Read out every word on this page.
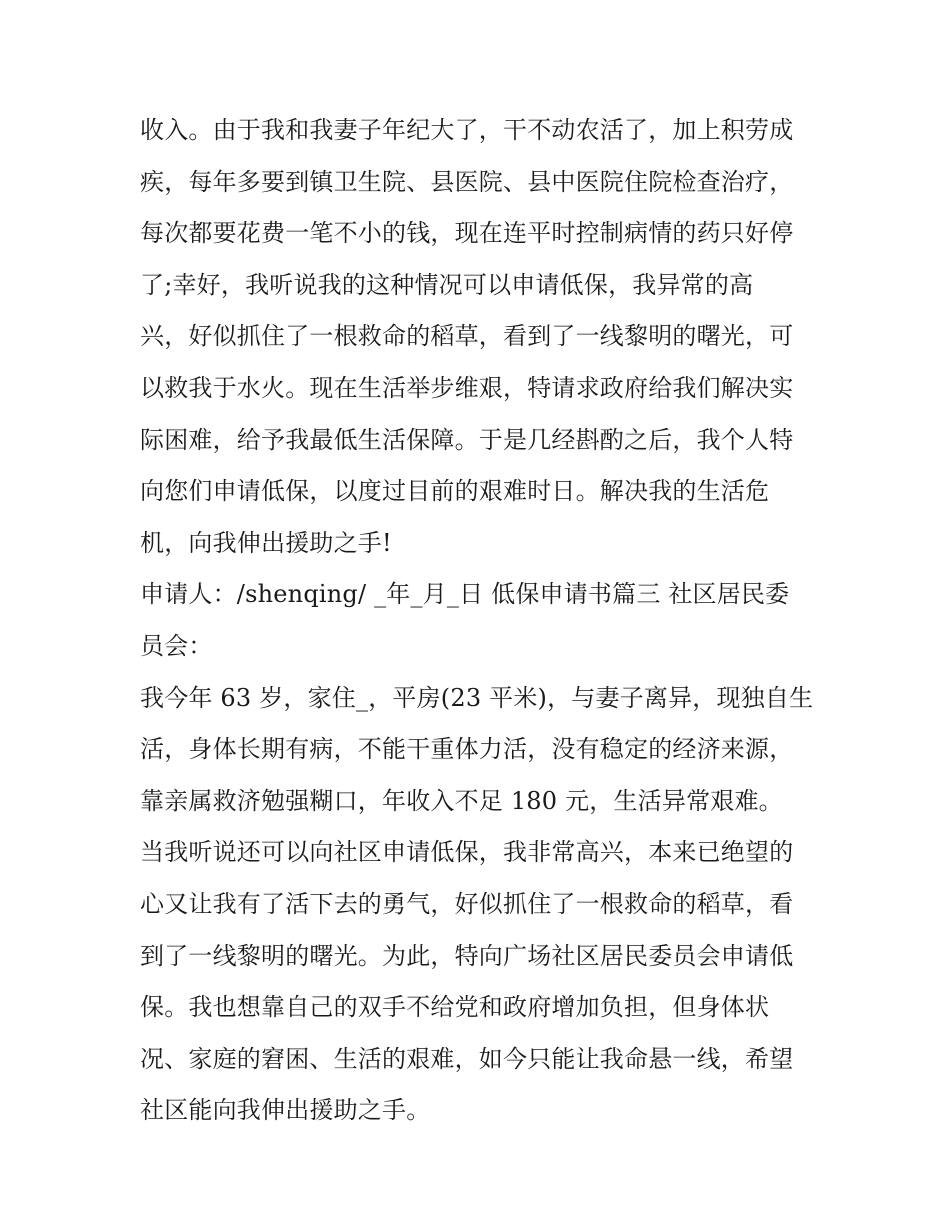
收入。由于我和我妻子年纪大了，干不动农活了，加上积劳成
疾，每年多要到镇卫生院、县医院、县中医院住院检查治疗，
每次都要花费一笔不小的钱，现在连平时控制病情的药只好停
了;幸好，我听说我的这种情况可以申请低保，我异常的高
兴，好似抓住了一根救命的稻草，看到了一线黎明的曙光，可
以救我于水火。现在生活举步维艰，特请求政府给我们解决实
际困难，给予我最低生活保障。于是几经斟酌之后，我个人特
向您们申请低保，以度过目前的艰难时日。解决我的生活危
机，向我伸出援助之手!
申请人：/shenqing/ _年_月_日 低保申请书篇三 社区居民委
员会：
我今年 63 岁，家住_，平房(23 平米)，与妻子离异，现独自生
活，身体长期有病，不能干重体力活，没有稳定的经济来源，
靠亲属救济勉强糊口，年收入不足 180 元，生活异常艰难。
当我听说还可以向社区申请低保，我非常高兴，本来已绝望的
心又让我有了活下去的勇气，好似抓住了一根救命的稻草，看
到了一线黎明的曙光。为此，特向广场社区居民委员会申请低
保。我也想靠自己的双手不给党和政府增加负担，但身体状
况、家庭的窘困、生活的艰难，如今只能让我命悬一线，希望
社区能向我伸出援助之手。
